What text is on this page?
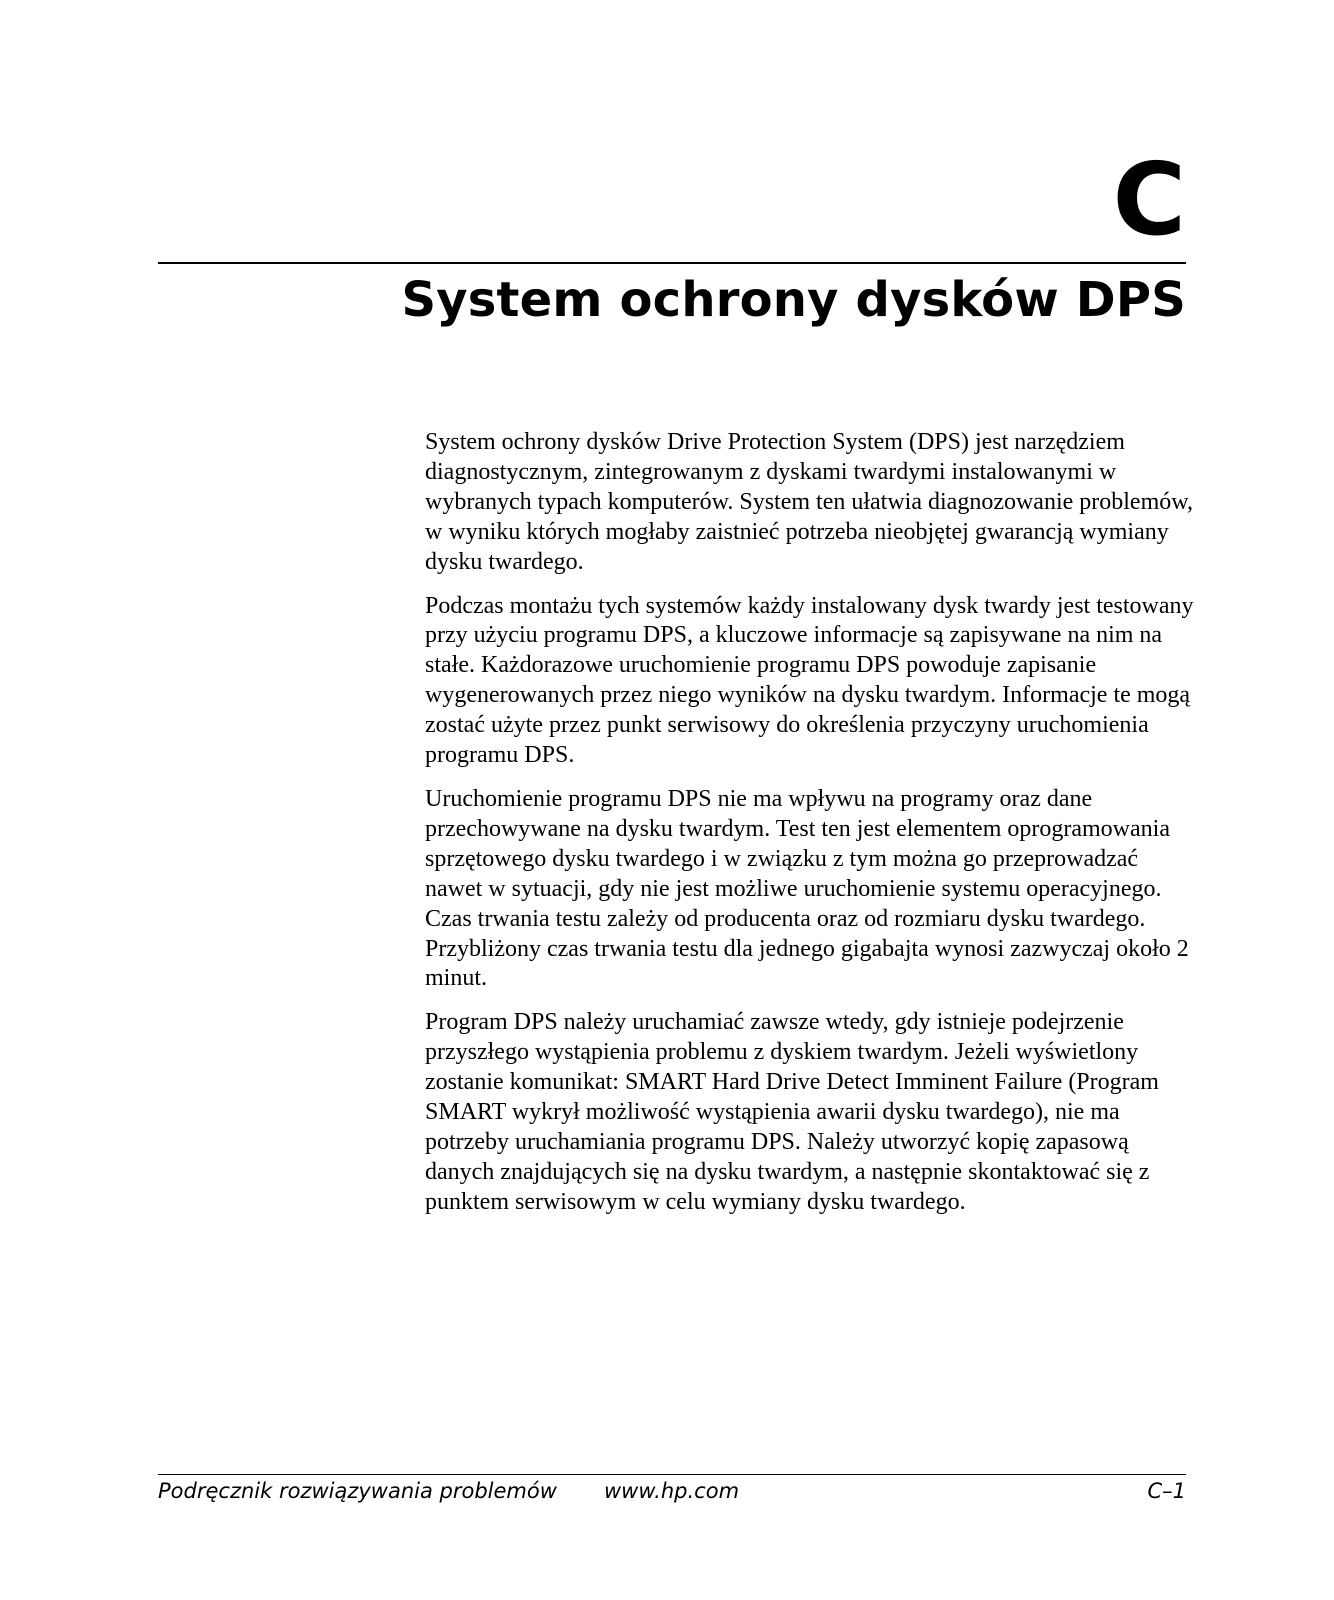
C
System ochrony dysków DPS

System ochrony dysków Drive Protection System (DPS) jest narzędziem diagnostycznym, zintegrowanym z dyskami twardymi instalowanymi w wybranych typach komputerów. System ten ułatwia diagnozowanie problemów, w wyniku których mogłaby zaistnieć potrzeba nieobjętej gwarancją wymiany dysku twardego.

Podczas montażu tych systemów każdy instalowany dysk twardy jest testowany przy użyciu programu DPS, a kluczowe informacje są zapisywane na nim na stałe. Każdorazowe uruchomienie programu DPS powoduje zapisanie wygenerowanych przez niego wyników na dysku twardym. Informacje te mogą zostać użyte przez punkt serwisowy do określenia przyczyny uruchomienia programu DPS.

Uruchomienie programu DPS nie ma wpływu na programy oraz dane przechowywane na dysku twardym. Test ten jest elementem oprogramowania sprzętowego dysku twardego i w związku z tym można go przeprowadzać nawet w sytuacji, gdy nie jest możliwe uruchomienie systemu operacyjnego. Czas trwania testu zależy od producenta oraz od rozmiaru dysku twardego. Przybliżony czas trwania testu dla jednego gigabajta wynosi zazwyczaj około 2 minut.

Program DPS należy uruchamiać zawsze wtedy, gdy istnieje podejrzenie przyszłego wystąpienia problemu z dyskiem twardym. Jeżeli wyświetlony zostanie komunikat: SMART Hard Drive Detect Imminent Failure (Program SMART wykrył możliwość wystąpienia awarii dysku twardego), nie ma potrzeby uruchamiania programu DPS. Należy utworzyć kopię zapasową danych znajdujących się na dysku twardym, a następnie skontaktować się z punktem serwisowym w celu wymiany dysku twardego.

Podręcznik rozwiązywania problemów www.hp.com	C–1
